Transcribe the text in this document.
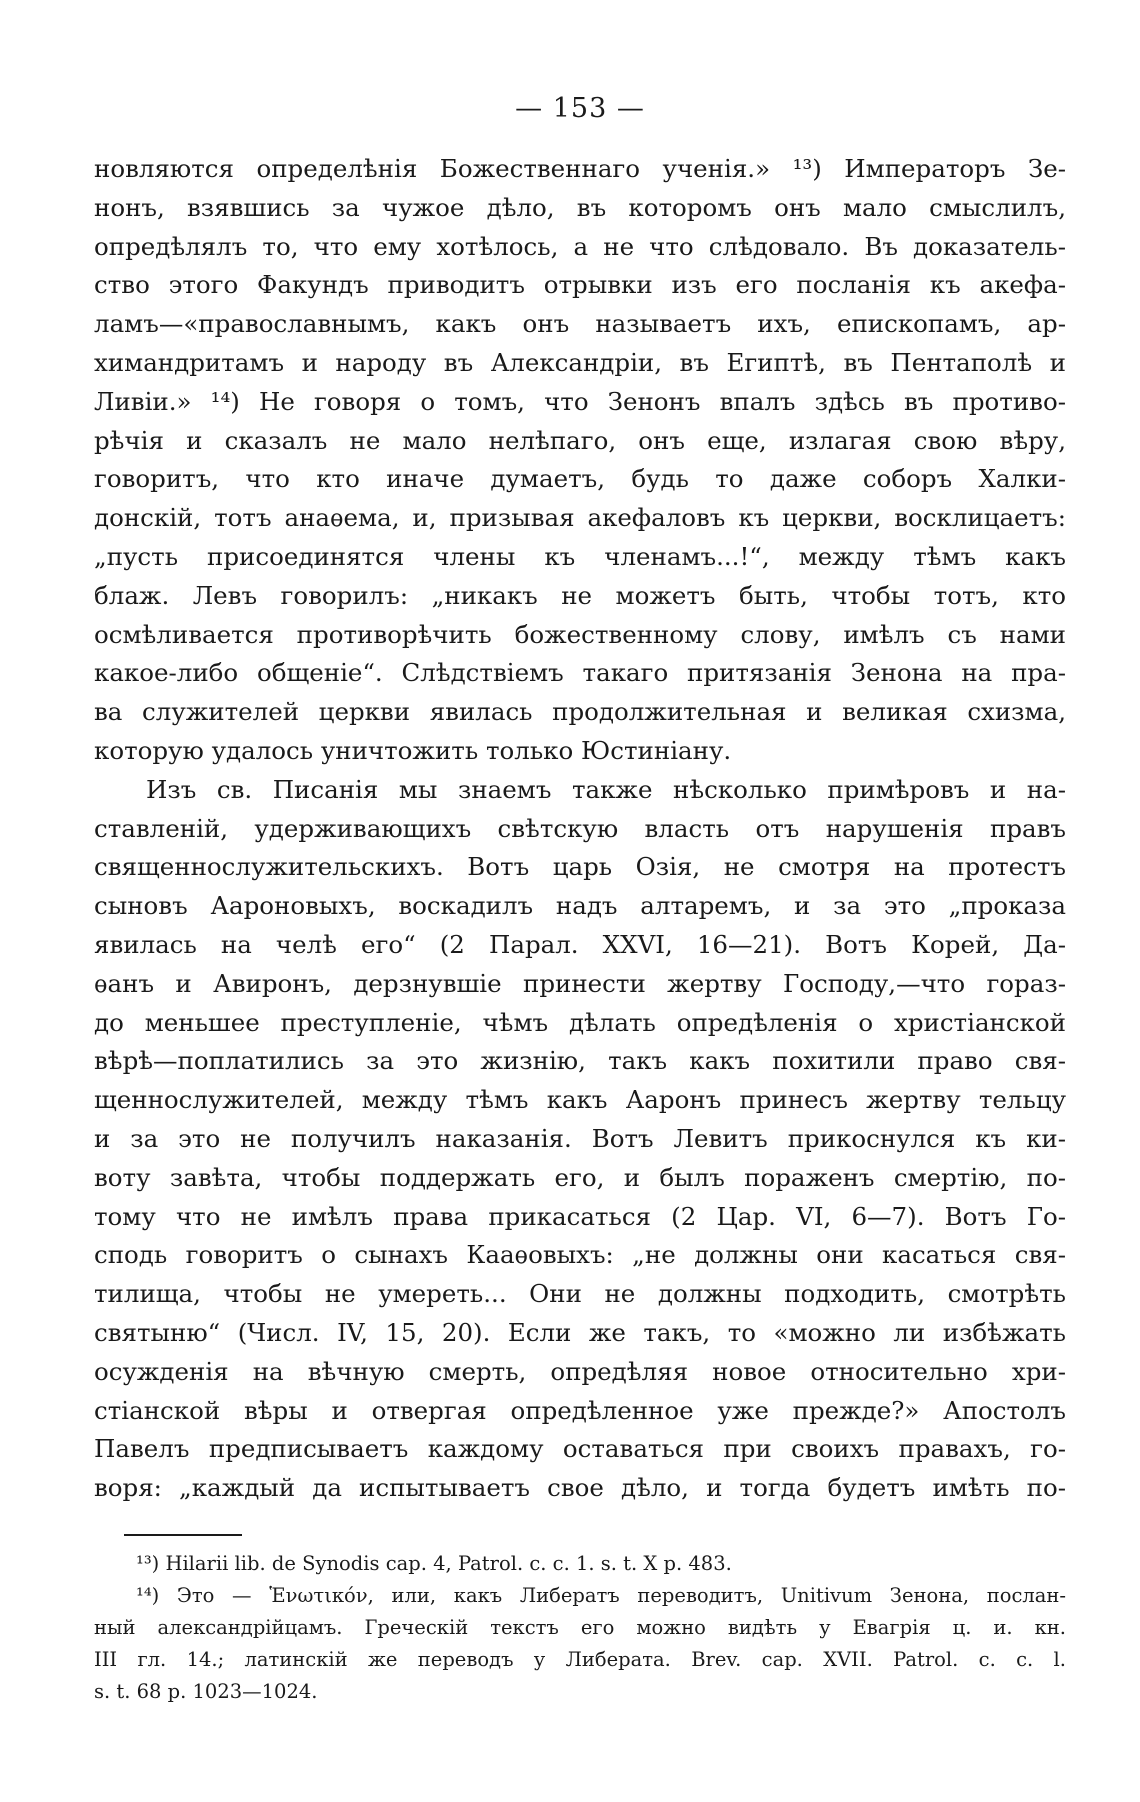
— 153 —
новляются определѣнія Божественнаго ученія.» ¹³) Императоръ Зе-
нонъ, взявшись за чужое дѣло, въ которомъ онъ мало смыслилъ,
опредѣлялъ то, что ему хотѣлось, а не что слѣдовало. Въ доказатель-
ство этого Факундъ приводитъ отрывки изъ его посланія къ акефа-
ламъ—«православнымъ, какъ онъ называетъ ихъ, епископамъ, ар-
химандритамъ и народу въ Александріи, въ Египтѣ, въ Пентаполѣ и
Ливіи.» ¹⁴) Не говоря о томъ, что Зенонъ впалъ здѣсь въ противо-
рѣчія и сказалъ не мало нелѣпаго, онъ еще, излагая свою вѣру,
говоритъ, что кто иначе думаетъ, будь то даже соборъ Халки-
донскій, тотъ анаѳема, и, призывая акефаловъ къ церкви, восклицаетъ:
„пусть присоединятся члены къ членамъ...!“, между тѣмъ какъ
блаж. Левъ говорилъ: „никакъ не можетъ быть, чтобы тотъ, кто
осмѣливается противорѣчить божественному слову, имѣлъ съ нами
какое-либо общеніе“. Слѣдствіемъ такаго притязанія Зенона на пра-
ва служителей церкви явилась продолжительная и великая схизма,
которую удалось уничтожить только Юстиніану.
Изъ св. Писанія мы знаемъ также нѣсколько примѣровъ и на-
ставленій, удерживающихъ свѣтскую власть отъ нарушенія правъ
священнослужительскихъ. Вотъ царь Озія, не смотря на протестъ
сыновъ Аароновыхъ, воскадилъ надъ алтаремъ, и за это „проказа
явилась на челѣ его“ (2 Парал. XXVI, 16—21). Вотъ Корей, Да-
ѳанъ и Авиронъ, дерзнувшіе принести жертву Господу,—что гораз-
до меньшее преступленіе, чѣмъ дѣлать опредѣленія о христіанской
вѣрѣ—поплатились за это жизнію, такъ какъ похитили право свя-
щеннослужителей, между тѣмъ какъ Ааронъ принесъ жертву тельцу
и за это не получилъ наказанія. Вотъ Левитъ прикоснулся къ ки-
воту завѣта, чтобы поддержать его, и былъ пораженъ смертію, по-
тому что не имѣлъ права прикасаться (2 Цар. VI, 6—7). Вотъ Го-
сподь говоритъ о сынахъ Кааѳовыхъ: „не должны они касаться свя-
тилища, чтобы не умереть... Они не должны подходить, смотрѣть
святыню“ (Числ. IV, 15, 20). Если же такъ, то «можно ли избѣжать
осужденія на вѣчную смерть, опредѣляя новое относительно хри-
стіанской вѣры и отвергая опредѣленное уже прежде?» Апостолъ
Павелъ предписываетъ каждому оставаться при своихъ правахъ, го-
воря: „каждый да испытываетъ свое дѣло, и тогда будетъ имѣть по-
¹³) Hilarii lib. de Synodis cap. 4, Patrol. c. c. 1. s. t. X p. 483.
¹⁴) Это — Ἑνωτικόν, или, какъ Либератъ переводитъ, Unitivum Зенона, послан-
ный александрійцамъ. Греческій текстъ его можно видѣть у Евагрія ц. и. кн.
III гл. 14.; латинскій же переводъ у Либерата. Brev. cap. XVII. Patrol. c. c. l.
s. t. 68 p. 1023—1024.
